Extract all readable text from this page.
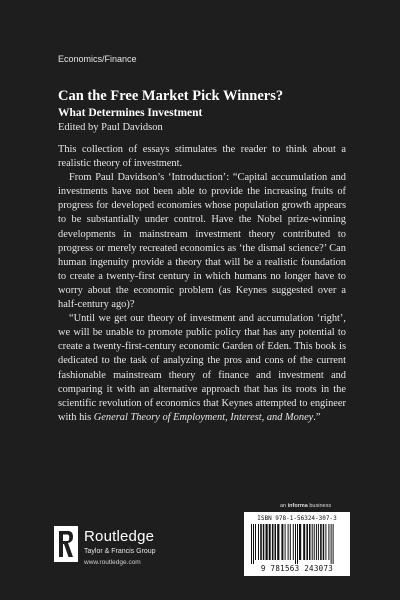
Economics/Finance

Can the Free Market Pick Winners?
What Determines Investment

Edited by Paul Davidson

This collection of essays stimulates the reader to think about a realistic theory of investment.

From Paul Davidson’s ‘Introduction’: “Capital accumulation and investments have not been able to provide the increasing fruits of progress for developed economies whose population growth appears to be substantially under control. Have the Nobel prize-winning developments in mainstream investment theory contributed to progress or merely recreated economics as ‘the dismal science?’ Can human ingenuity provide a theory that will be a realistic foundation to create a twenty-first century in which humans no longer have to worry about the economic problem (as Keynes suggested over a half-century ago)?

“Until we get our theory of investment and accumulation ‘right’, we will be unable to promote public policy that has any potential to create a twenty-first-century economic Garden of Eden. This book is dedicated to the task of analyzing the pros and cons of the current fashionable mainstream theory of finance and investment and comparing it with an alternative approach that has its roots in the scientific revolution of economics that Keynes attempted to engineer with his General Theory of Employment, Interest, and Money.”

Routledge

Taylor & Francis Group

www.routledge.com

an informa business

ISBN 978-1-56324-307-3

9 781563 243073
